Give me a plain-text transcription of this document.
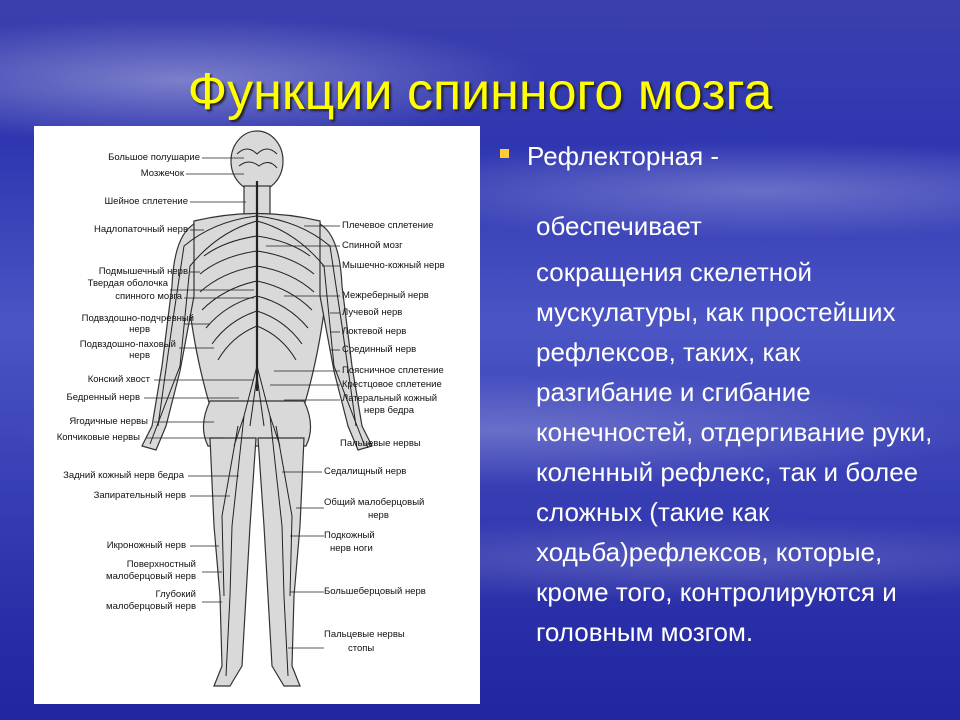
Функции спинного мозга
Большое полушарие
Мозжечок
Шейное сплетение
Надлопаточный нерв
Подмышечный нерв
Твердая оболочка
спинного мозга
Подвздошно-подчревный
нерв
Подвздошно-паховый
нерв
Конский хвост
Бедренный нерв
Ягодичные нервы
Копчиковые нервы
Задний кожный нерв бедра
Запирательный нерв
Икроножный нерв
Поверхностный
малоберцовый нерв
Глубокий
малоберцовый нерв
Плечевое сплетение
Спинной мозг
Мышечно-кожный нерв
Межреберный нерв
Лучевой нерв
Локтевой нерв
Срединный нерв
Поясничное сплетение
Крестцовое сплетение
Латеральный кожный
нерв бедра
Пальцевые нервы
Седалищный нерв
Общий малоберцовый
нерв
Подкожный
нерв ноги
Большеберцовый нерв
Пальцевые нервы
стопы
Рефлекторная -

обеспечивает

сокращения скелетной мускулатуры, как простейших рефлексов, таких, как разгибание и сгибание конечностей, отдергивание руки, коленный рефлекс, так и более сложных (такие как ходьба)рефлексов, которые, кроме того, контролируются и головным мозгом.
